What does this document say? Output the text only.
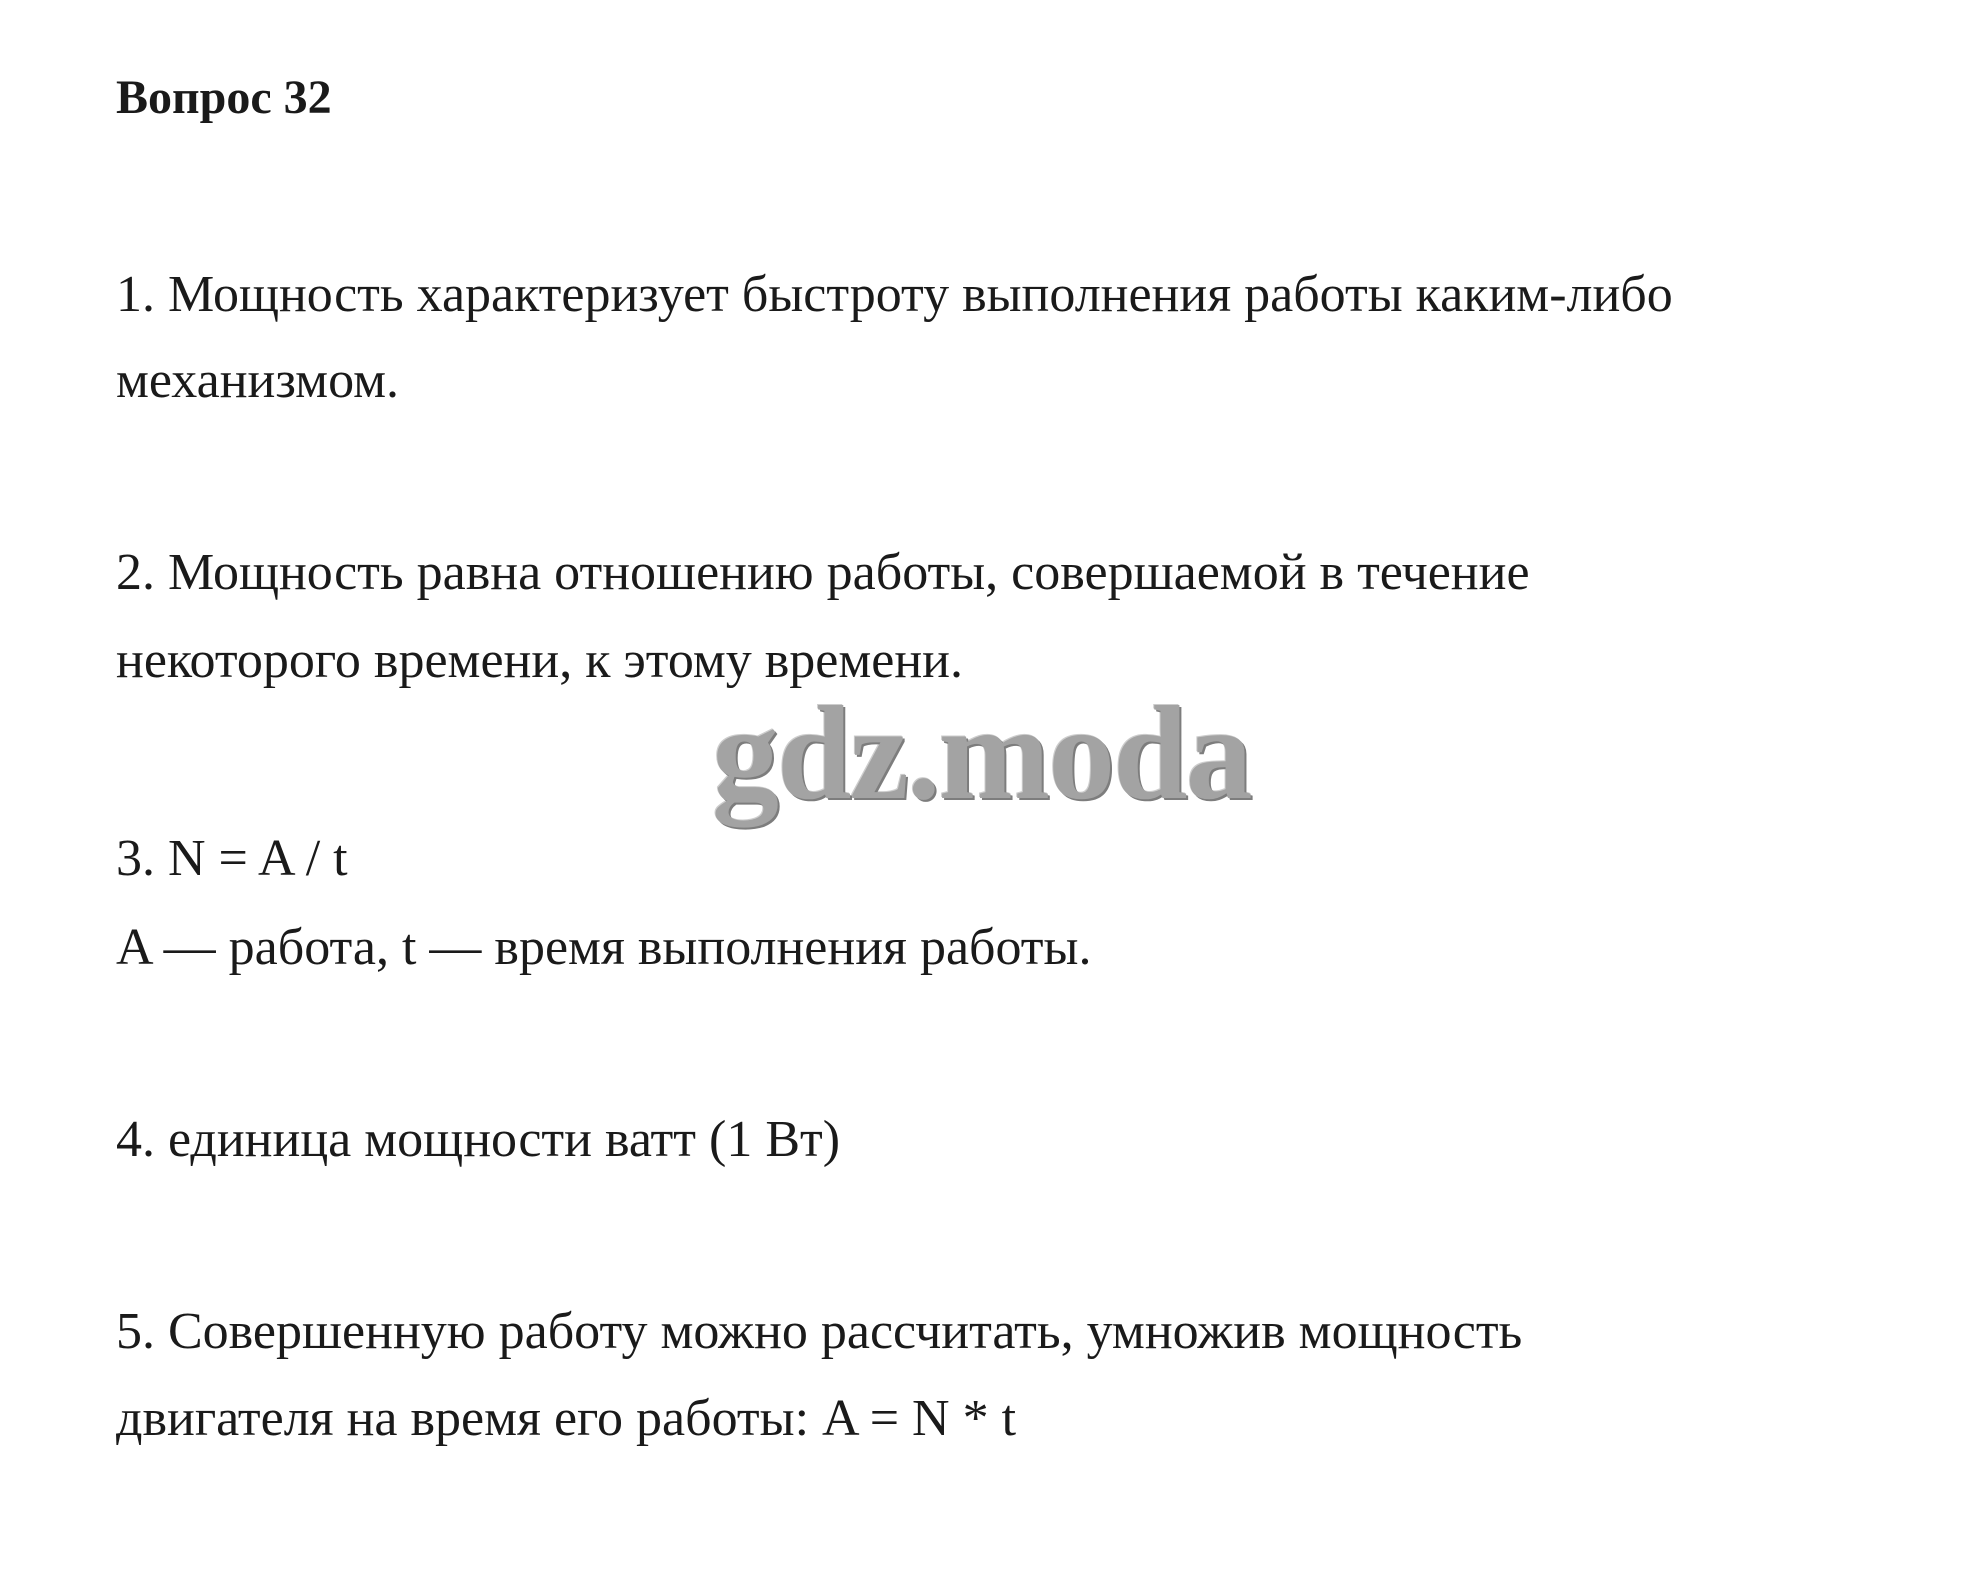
Вопрос 32
1. Мощность характеризует быстроту выполнения работы каким-либо
механизмом.
2. Мощность равна отношению работы, совершаемой в течение
некоторого времени, к этому времени.
gdz.moda
3. N = A / t
A — работа, t — время выполнения работы.
4. единица мощности ватт (1 Вт)
5. Совершенную работу можно рассчитать, умножив мощность
двигателя на время его работы: A = N * t
